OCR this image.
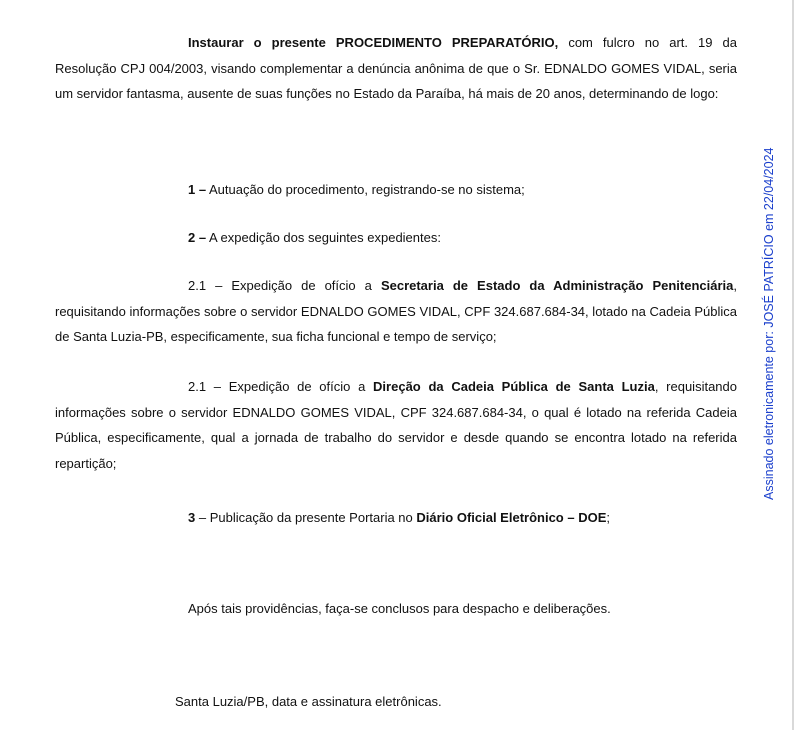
Instaurar o presente PROCEDIMENTO PREPARATÓRIO, com fulcro no art. 19 da Resolução CPJ 004/2003, visando complementar a denúncia anônima de que o Sr. EDNALDO GOMES VIDAL, seria um servidor fantasma, ausente de suas funções no Estado da Paraíba, há mais de 20 anos, determinando de logo:
1 – Autuação do procedimento, registrando-se no sistema;
2 – A expedição dos seguintes expedientes:
2.1 – Expedição de ofício a Secretaria de Estado da Administração Penitenciária, requisitando informações sobre o servidor EDNALDO GOMES VIDAL, CPF 324.687.684-34, lotado na Cadeia Pública de Santa Luzia-PB, especificamente, sua ficha funcional e tempo de serviço;
2.1 – Expedição de ofício a Direção da Cadeia Pública de Santa Luzia, requisitando informações sobre o servidor EDNALDO GOMES VIDAL, CPF 324.687.684-34, o qual é lotado na referida Cadeia Pública, especificamente, qual a jornada de trabalho do servidor e desde quando se encontra lotado na referida repartição;
3 – Publicação da presente Portaria no Diário Oficial Eletrônico – DOE;
Após tais providências, faça-se conclusos para despacho e deliberações.
Santa Luzia/PB, data e assinatura eletrônicas.
Assinado eletronicamente por: JOSÉ PATRÍCIO em 22/04/2024
